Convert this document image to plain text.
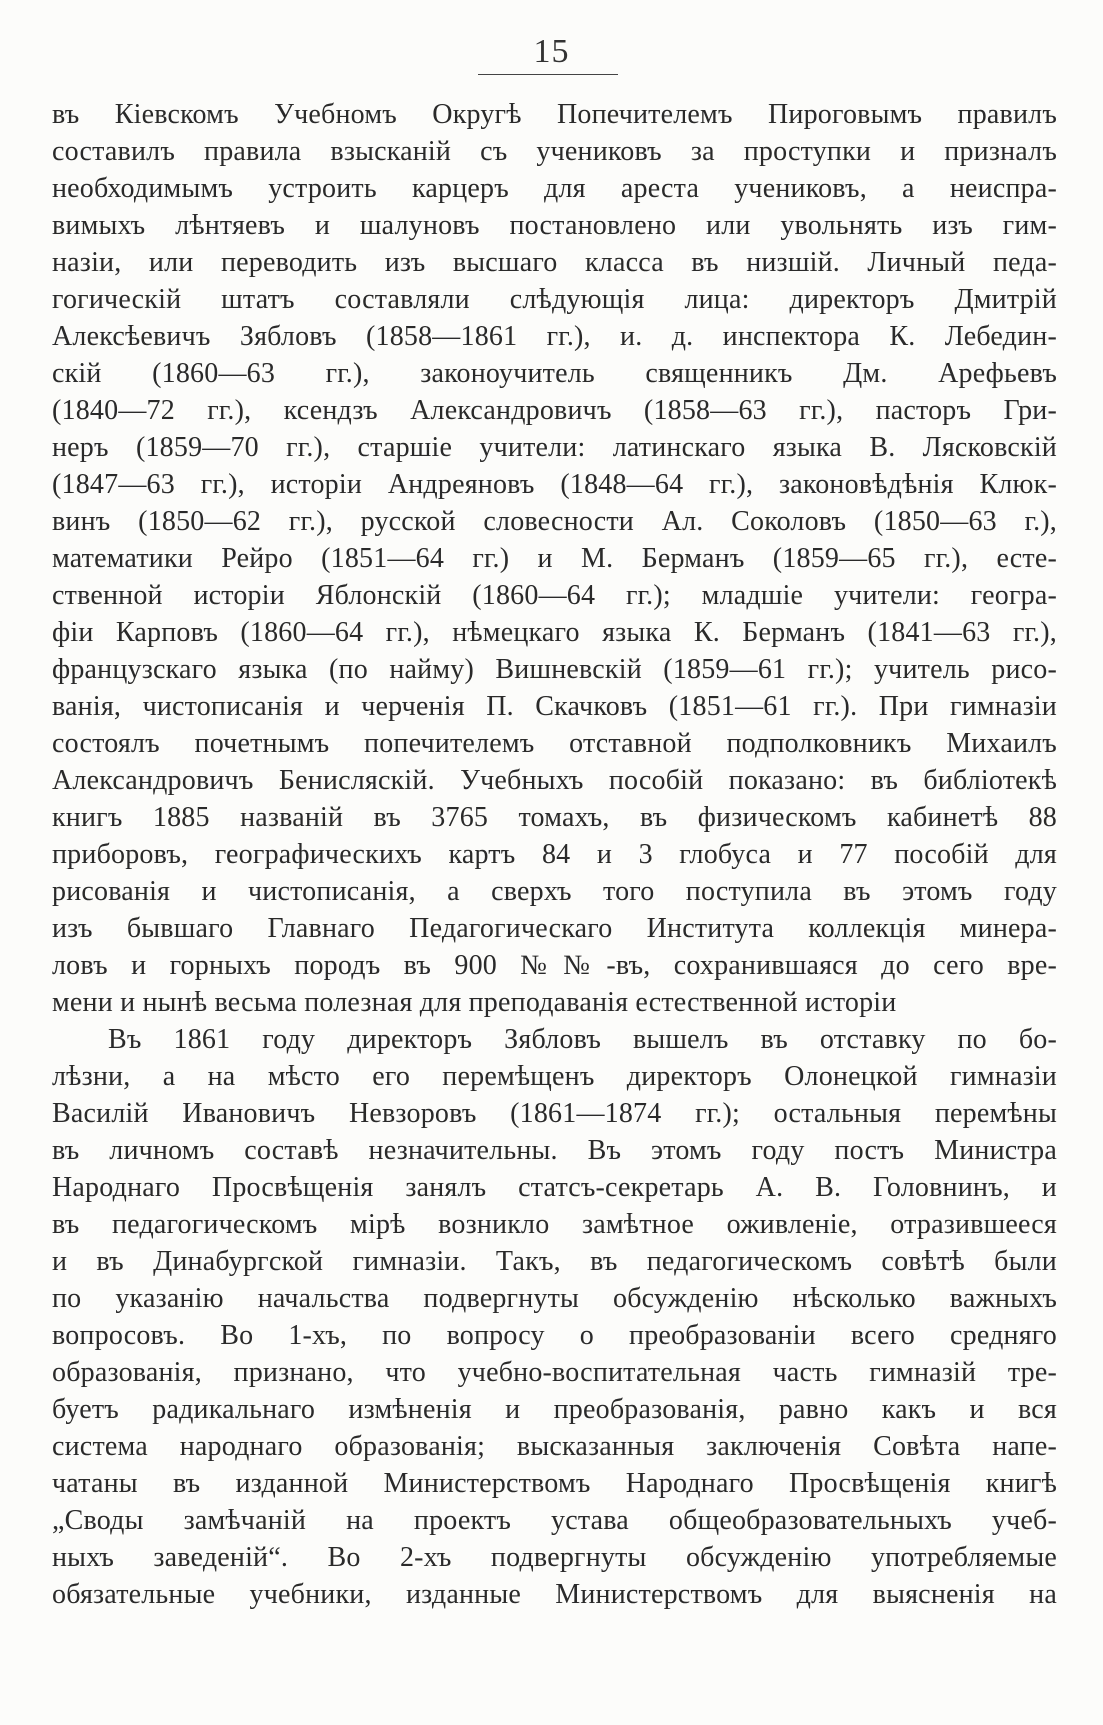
15
въ Кіевскомъ Учебномъ Округѣ Попечителемъ Пироговымъ правилъ
составилъ правила взысканій съ учениковъ за проступки и призналъ
необходимымъ устроить карцеръ для ареста учениковъ, а неиспра-
вимыхъ лѣнтяевъ и шалуновъ постановлено или увольнять изъ гим-
назіи, или переводить изъ высшаго класса въ низшій. Личный педа-
гогическій штатъ составляли слѣдующія лица: директоръ Дмитрій
Алексѣевичъ Зябловъ (1858—1861 гг.), и. д. инспектора К. Лебедин-
скій (1860—63 гг.), законоучитель священникъ Дм. Арефьевъ
(1840—72 гг.), ксендзъ Александровичъ (1858—63 гг.), пасторъ Гри-
неръ (1859—70 гг.), старшіе учители: латинскаго языка В. Лясковскій
(1847—63 гг.), исторіи Андреяновъ (1848—64 гг.), законовѣдѣнія Клюк-
винъ (1850—62 гг.), русской словесности Ал. Соколовъ (1850—63 г.),
математики Рейро (1851—64 гг.) и М. Берманъ (1859—65 гг.), есте-
ственной исторіи Яблонскій (1860—64 гг.); младшіе учители: геогра-
фіи Карповъ (1860—64 гг.), нѣмецкаго языка К. Берманъ (1841—63 гг.),
французскаго языка (по найму) Вишневскій (1859—61 гг.); учитель рисо-
ванія, чистописанія и черченія П. Скачковъ (1851—61 гг.). При гимназіи
состоялъ почетнымъ попечителемъ отставной подполковникъ Михаилъ
Александровичъ Бенисляскій. Учебныхъ пособій показано: въ библіотекѣ
книгъ 1885 названій въ 3765 томахъ, въ физическомъ кабинетѣ 88
приборовъ, географическихъ картъ 84 и 3 глобуса и 77 пособій для
рисованія и чистописанія, а сверхъ того поступила въ этомъ году
изъ бывшаго Главнаго Педагогическаго Института коллекція минера-
ловъ и горныхъ породъ въ 900 №№-въ, сохранившаяся до сего вре-
мени и нынѣ весьма полезная для преподаванія естественной исторіи
Въ 1861 году директоръ Зябловъ вышелъ въ отставку по бо-
лѣзни, а на мѣсто его перемѣщенъ директоръ Олонецкой гимназіи
Василій Ивановичъ Невзоровъ (1861—1874 гг.); остальныя перемѣны
въ личномъ составѣ незначительны. Въ этомъ году постъ Министра
Народнаго Просвѣщенія занялъ статсъ-секретарь А. В. Головнинъ, и
въ педагогическомъ мірѣ возникло замѣтное оживленіе, отразившееся
и въ Динабургской гимназіи. Такъ, въ педагогическомъ совѣтѣ были
по указанію начальства подвергнуты обсужденію нѣсколько важныхъ
вопросовъ. Во 1-хъ, по вопросу о преобразованіи всего средняго
образованія, признано, что учебно-воспитательная часть гимназій тре-
буетъ радикальнаго измѣненія и преобразованія, равно какъ и вся
система народнаго образованія; высказанныя заключенія Совѣта напе-
чатаны въ изданной Министерствомъ Народнаго Просвѣщенія книгѣ
„Своды замѣчаній на проектъ устава общеобразовательныхъ учеб-
ныхъ заведеній“. Во 2-хъ подвергнуты обсужденію употребляемые
обязательные учебники, изданные Министерствомъ для выясненія на
